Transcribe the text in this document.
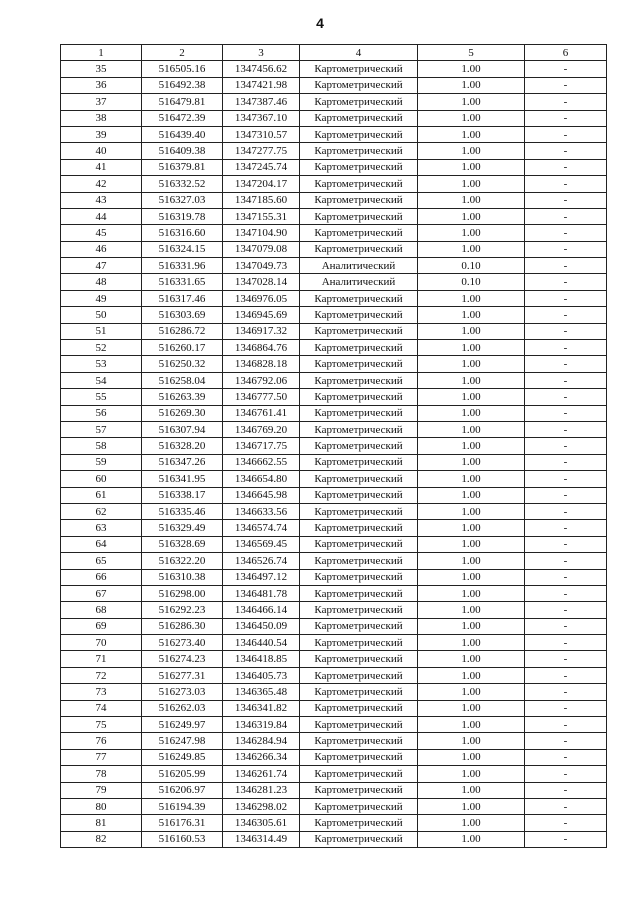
4
1	2	3	4	5	6
35	516505.16	1347456.62	Картометрический	1.00	-
36	516492.38	1347421.98	Картометрический	1.00	-
37	516479.81	1347387.46	Картометрический	1.00	-
38	516472.39	1347367.10	Картометрический	1.00	-
39	516439.40	1347310.57	Картометрический	1.00	-
40	516409.38	1347277.75	Картометрический	1.00	-
41	516379.81	1347245.74	Картометрический	1.00	-
42	516332.52	1347204.17	Картометрический	1.00	-
43	516327.03	1347185.60	Картометрический	1.00	-
44	516319.78	1347155.31	Картометрический	1.00	-
45	516316.60	1347104.90	Картометрический	1.00	-
46	516324.15	1347079.08	Картометрический	1.00	-
47	516331.96	1347049.73	Аналитический	0.10	-
48	516331.65	1347028.14	Аналитический	0.10	-
49	516317.46	1346976.05	Картометрический	1.00	-
50	516303.69	1346945.69	Картометрический	1.00	-
51	516286.72	1346917.32	Картометрический	1.00	-
52	516260.17	1346864.76	Картометрический	1.00	-
53	516250.32	1346828.18	Картометрический	1.00	-
54	516258.04	1346792.06	Картометрический	1.00	-
55	516263.39	1346777.50	Картометрический	1.00	-
56	516269.30	1346761.41	Картометрический	1.00	-
57	516307.94	1346769.20	Картометрический	1.00	-
58	516328.20	1346717.75	Картометрический	1.00	-
59	516347.26	1346662.55	Картометрический	1.00	-
60	516341.95	1346654.80	Картометрический	1.00	-
61	516338.17	1346645.98	Картометрический	1.00	-
62	516335.46	1346633.56	Картометрический	1.00	-
63	516329.49	1346574.74	Картометрический	1.00	-
64	516328.69	1346569.45	Картометрический	1.00	-
65	516322.20	1346526.74	Картометрический	1.00	-
66	516310.38	1346497.12	Картометрический	1.00	-
67	516298.00	1346481.78	Картометрический	1.00	-
68	516292.23	1346466.14	Картометрический	1.00	-
69	516286.30	1346450.09	Картометрический	1.00	-
70	516273.40	1346440.54	Картометрический	1.00	-
71	516274.23	1346418.85	Картометрический	1.00	-
72	516277.31	1346405.73	Картометрический	1.00	-
73	516273.03	1346365.48	Картометрический	1.00	-
74	516262.03	1346341.82	Картометрический	1.00	-
75	516249.97	1346319.84	Картометрический	1.00	-
76	516247.98	1346284.94	Картометрический	1.00	-
77	516249.85	1346266.34	Картометрический	1.00	-
78	516205.99	1346261.74	Картометрический	1.00	-
79	516206.97	1346281.23	Картометрический	1.00	-
80	516194.39	1346298.02	Картометрический	1.00	-
81	516176.31	1346305.61	Картометрический	1.00	-
82	516160.53	1346314.49	Картометрический	1.00	-
